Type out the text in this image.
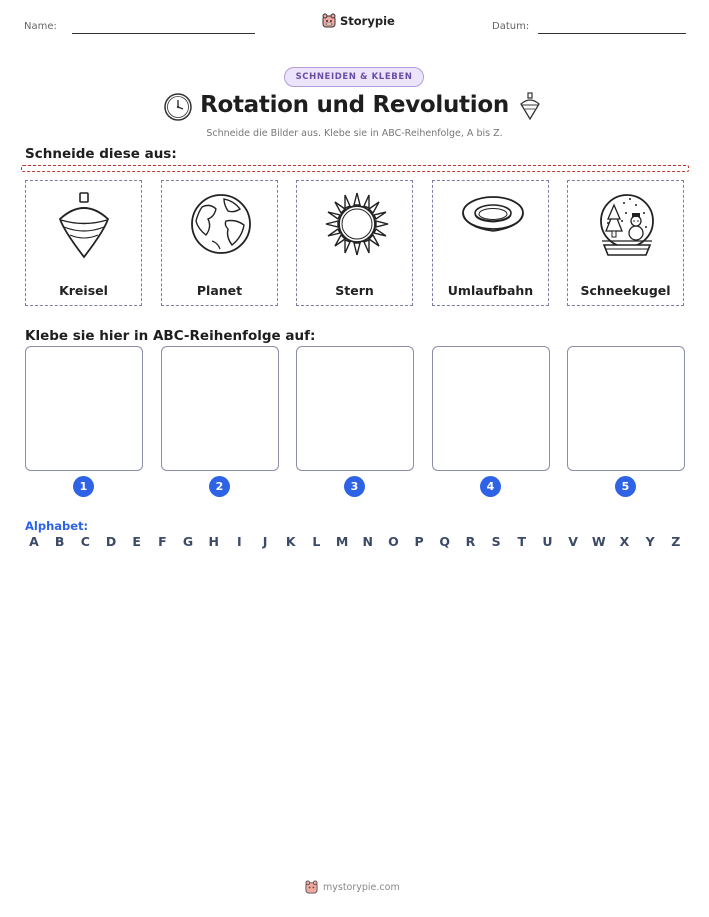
Name:	Storypie	Datum:
SCHNEIDEN & KLEBEN
Rotation und Revolution
Schneide die Bilder aus. Klebe sie in ABC-Reihenfolge, A bis Z.
Schneide diese aus:
Kreisel	Planet	Stern	Umlaufbahn	Schneekugel
Klebe sie hier in ABC-Reihenfolge auf:
1	2	3	4	5
Alphabet:
A	B	C	D	E	F	G	H	I	J	K	L	M	N	O	P	Q	R	S	T	U	V	W	X	Y	Z
mystorypie.com
